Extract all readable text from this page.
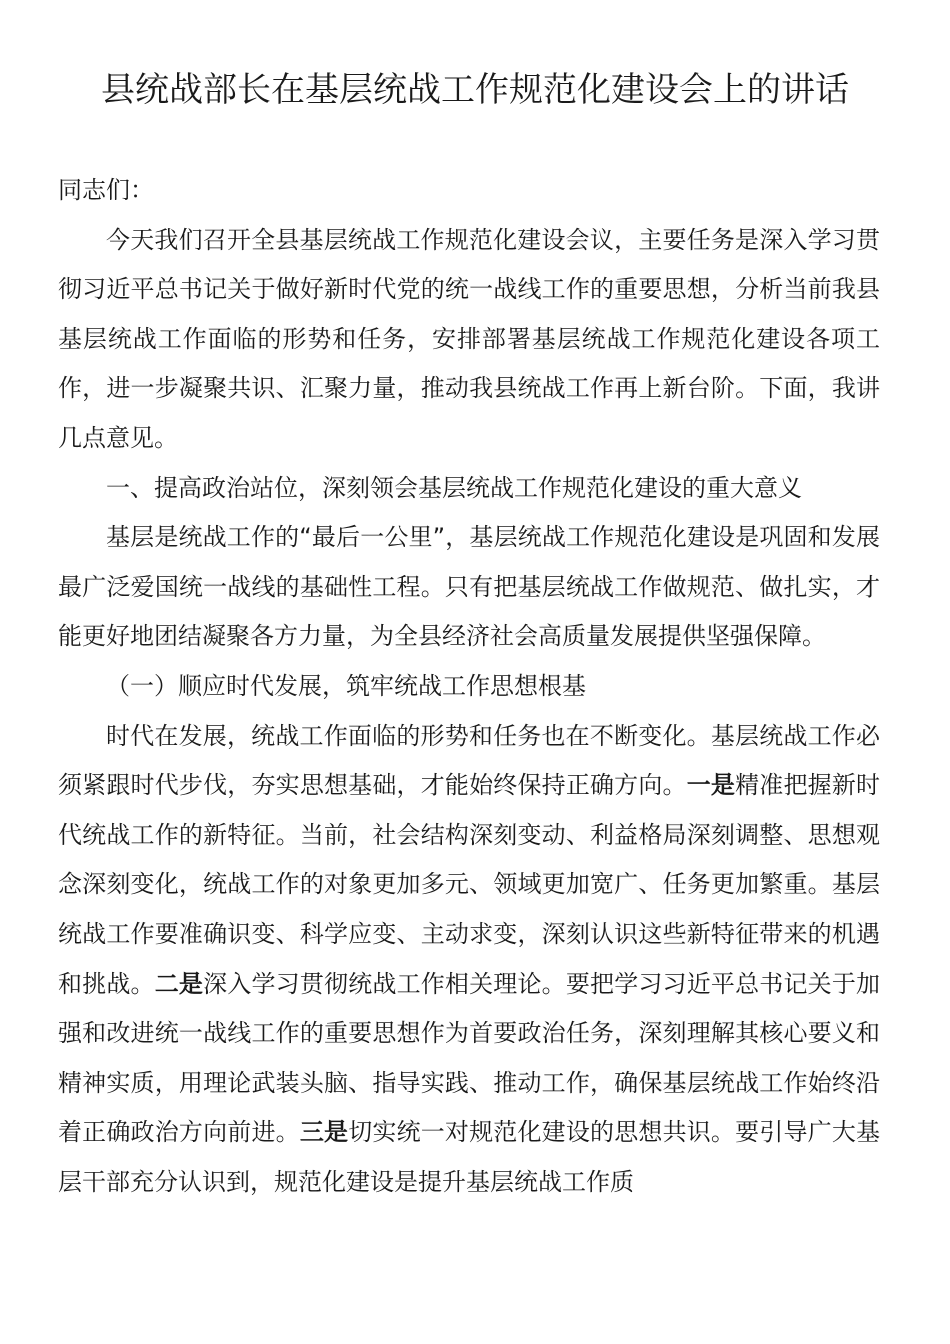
县统战部长在基层统战工作规范化建设会上的讲话

同志们：

今天我们召开全县基层统战工作规范化建设会议，主要任务是深入学习贯彻习近平总书记关于做好新时代党的统一战线工作的重要思想，分析当前我县基层统战工作面临的形势和任务，安排部署基层统战工作规范化建设各项工作，进一步凝聚共识、汇聚力量，推动我县统战工作再上新台阶。下面，我讲几点意见。

一、提高政治站位，深刻领会基层统战工作规范化建设的重大意义

基层是统战工作的“最后一公里”，基层统战工作规范化建设是巩固和发展最广泛爱国统一战线的基础性工程。只有把基层统战工作做规范、做扎实，才能更好地团结凝聚各方力量，为全县经济社会高质量发展提供坚强保障。

（一）顺应时代发展，筑牢统战工作思想根基

时代在发展，统战工作面临的形势和任务也在不断变化。基层统战工作必须紧跟时代步伐，夯实思想基础，才能始终保持正确方向。一是精准把握新时代统战工作的新特征。当前，社会结构深刻变动、利益格局深刻调整、思想观念深刻变化，统战工作的对象更加多元、领域更加宽广、任务更加繁重。基层统战工作要准确识变、科学应变、主动求变，深刻认识这些新特征带来的机遇和挑战。二是深入学习贯彻统战工作相关理论。要把学习习近平总书记关于加强和改进统一战线工作的重要思想作为首要政治任务，深刻理解其核心要义和精神实质，用理论武装头脑、指导实践、推动工作，确保基层统战工作始终沿着正确政治方向前进。三是切实统一对规范化建设的思想共识。要引导广大基层干部充分认识到，规范化建设是提升基层统战工作质
